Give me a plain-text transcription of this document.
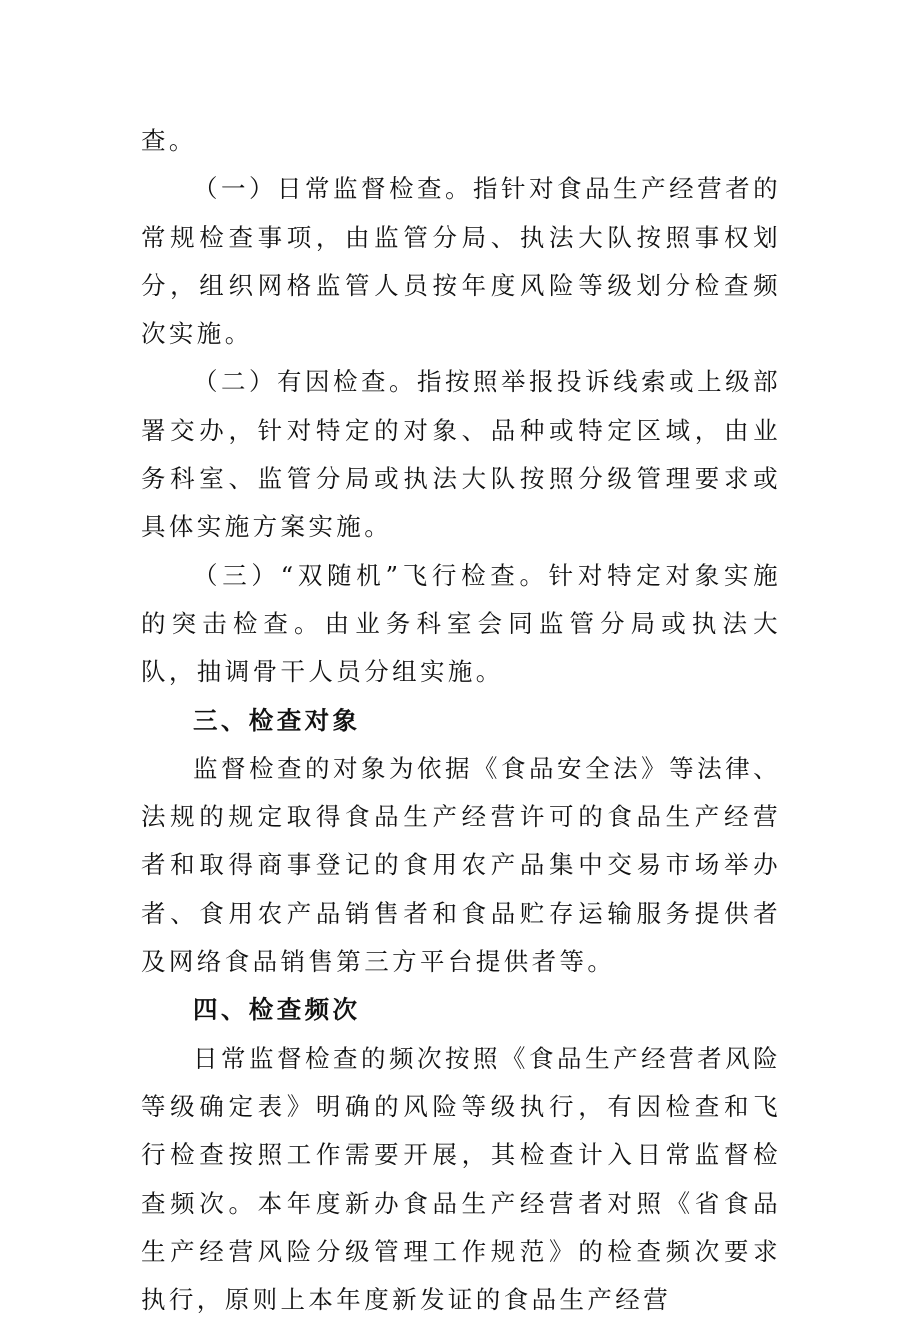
查。

（一）日常监督检查。指针对食品生产经营者的常规检查事项，由监管分局、执法大队按照事权划分，组织网格监管人员按年度风险等级划分检查频次实施。

（二）有因检查。指按照举报投诉线索或上级部署交办，针对特定的对象、品种或特定区域，由业务科室、监管分局或执法大队按照分级管理要求或具体实施方案实施。

（三）“双随机”飞行检查。针对特定对象实施的突击检查。由业务科室会同监管分局或执法大队，抽调骨干人员分组实施。

三、检查对象

监督检查的对象为依据《食品安全法》等法律、法规的规定取得食品生产经营许可的食品生产经营者和取得商事登记的食用农产品集中交易市场举办者、食用农产品销售者和食品贮存运输服务提供者及网络食品销售第三方平台提供者等。

四、检查频次

日常监督检查的频次按照《食品生产经营者风险等级确定表》明确的风险等级执行，有因检查和飞行检查按照工作需要开展，其检查计入日常监督检查频次。本年度新办食品生产经营者对照《省食品生产经营风险分级管理工作规范》的检查频次要求执行，原则上本年度新发证的食品生产经营
